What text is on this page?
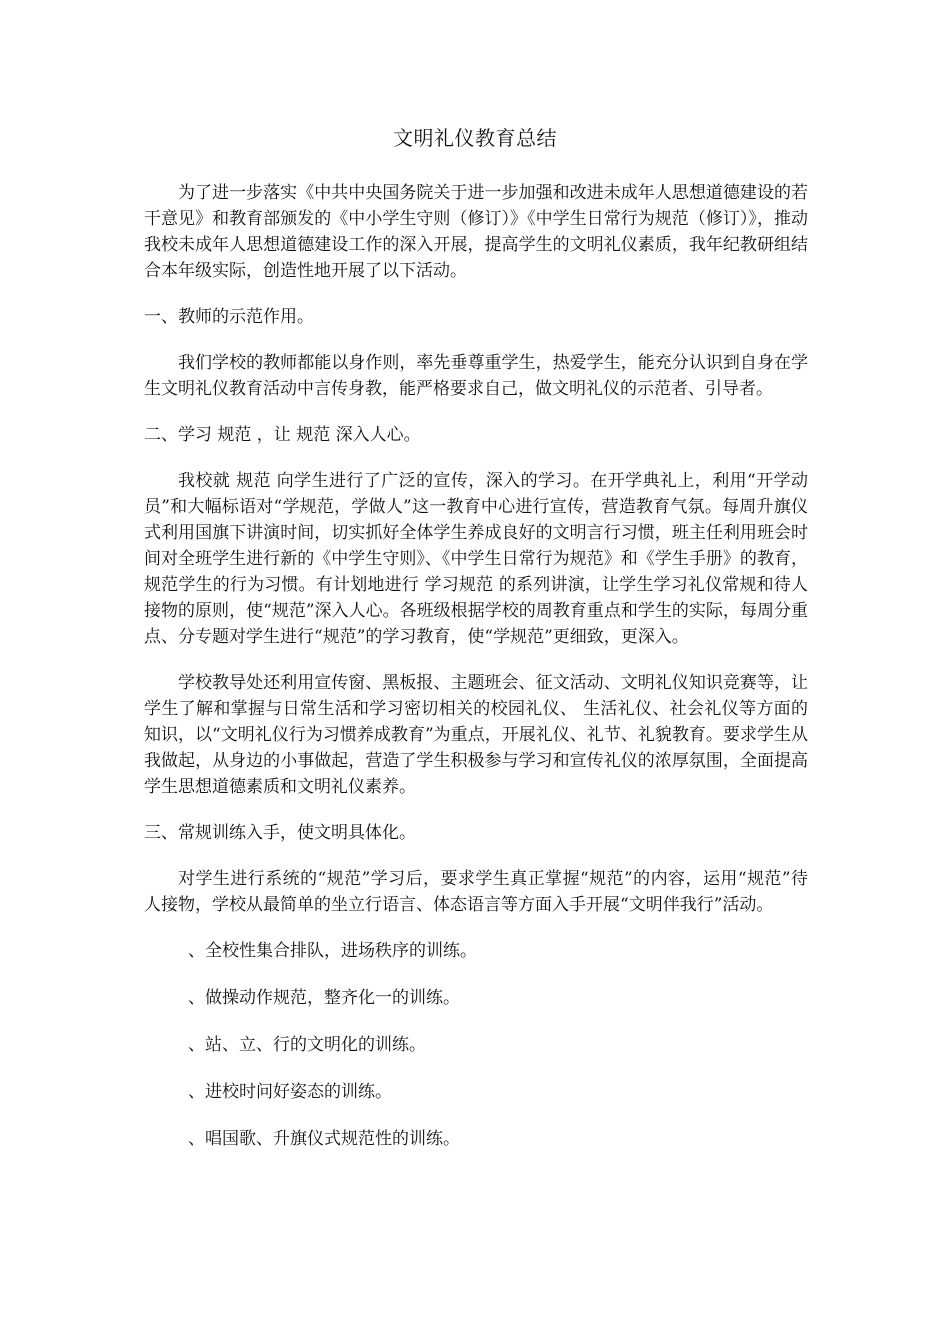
文明礼仪教育总结

为了进一步落实《中共中央国务院关于进一步加强和改进未成年人思想道德建设的若干意见》和教育部颁发的《中小学生守则（修订）》《中学生日常行为规范（修订）》，推动我校未成年人思想道德建设工作的深入开展，提高学生的文明礼仪素质，我年纪教研组结合本年级实际，创造性地开展了以下活动。

一、教师的示范作用。

我们学校的教师都能以身作则，率先垂尊重学生，热爱学生，能充分认识到自身在学生文明礼仪教育活动中言传身教，能严格要求自己，做文明礼仪的示范者、引导者。

二、学习 规范 ，让 规范 深入人心。

我校就 规范 向学生进行了广泛的宣传，深入的学习。在开学典礼上，利用“开学动员”和大幅标语对“学规范，学做人”这一教育中心进行宣传，营造教育气氛。每周升旗仪式利用国旗下讲演时间，切实抓好全体学生养成良好的文明言行习惯，班主任利用班会时间对全班学生进行新的《中学生守则》、《中学生日常行为规范》和《学生手册》的教育，规范学生的行为习惯。有计划地进行 学习规范 的系列讲演，让学生学习礼仪常规和待人接物的原则，使“规范”深入人心。各班级根据学校的周教育重点和学生的实际，每周分重点、分专题对学生进行“规范”的学习教育，使“学规范”更细致，更深入。

学校教导处还利用宣传窗、黑板报、主题班会、征文活动、文明礼仪知识竞赛等，让学生了解和掌握与日常生活和学习密切相关的校园礼仪、 生活礼仪、社会礼仪等方面的知识，以“文明礼仪行为习惯养成教育”为重点，开展礼仪、礼节、礼貌教育。要求学生从我做起，从身边的小事做起，营造了学生积极参与学习和宣传礼仪的浓厚氛围，全面提高学生思想道德素质和文明礼仪素养。

三、常规训练入手，使文明具体化。

对学生进行系统的“规范”学习后，要求学生真正掌握“规范”的内容，运用“规范”待人接物，学校从最简单的坐立行语言、体态语言等方面入手开展“文明伴我行”活动。

、全校性集合排队，进场秩序的训练。

、做操动作规范，整齐化一的训练。

、站、立、行的文明化的训练。

、进校时问好姿态的训练。

、唱国歌、升旗仪式规范性的训练。
